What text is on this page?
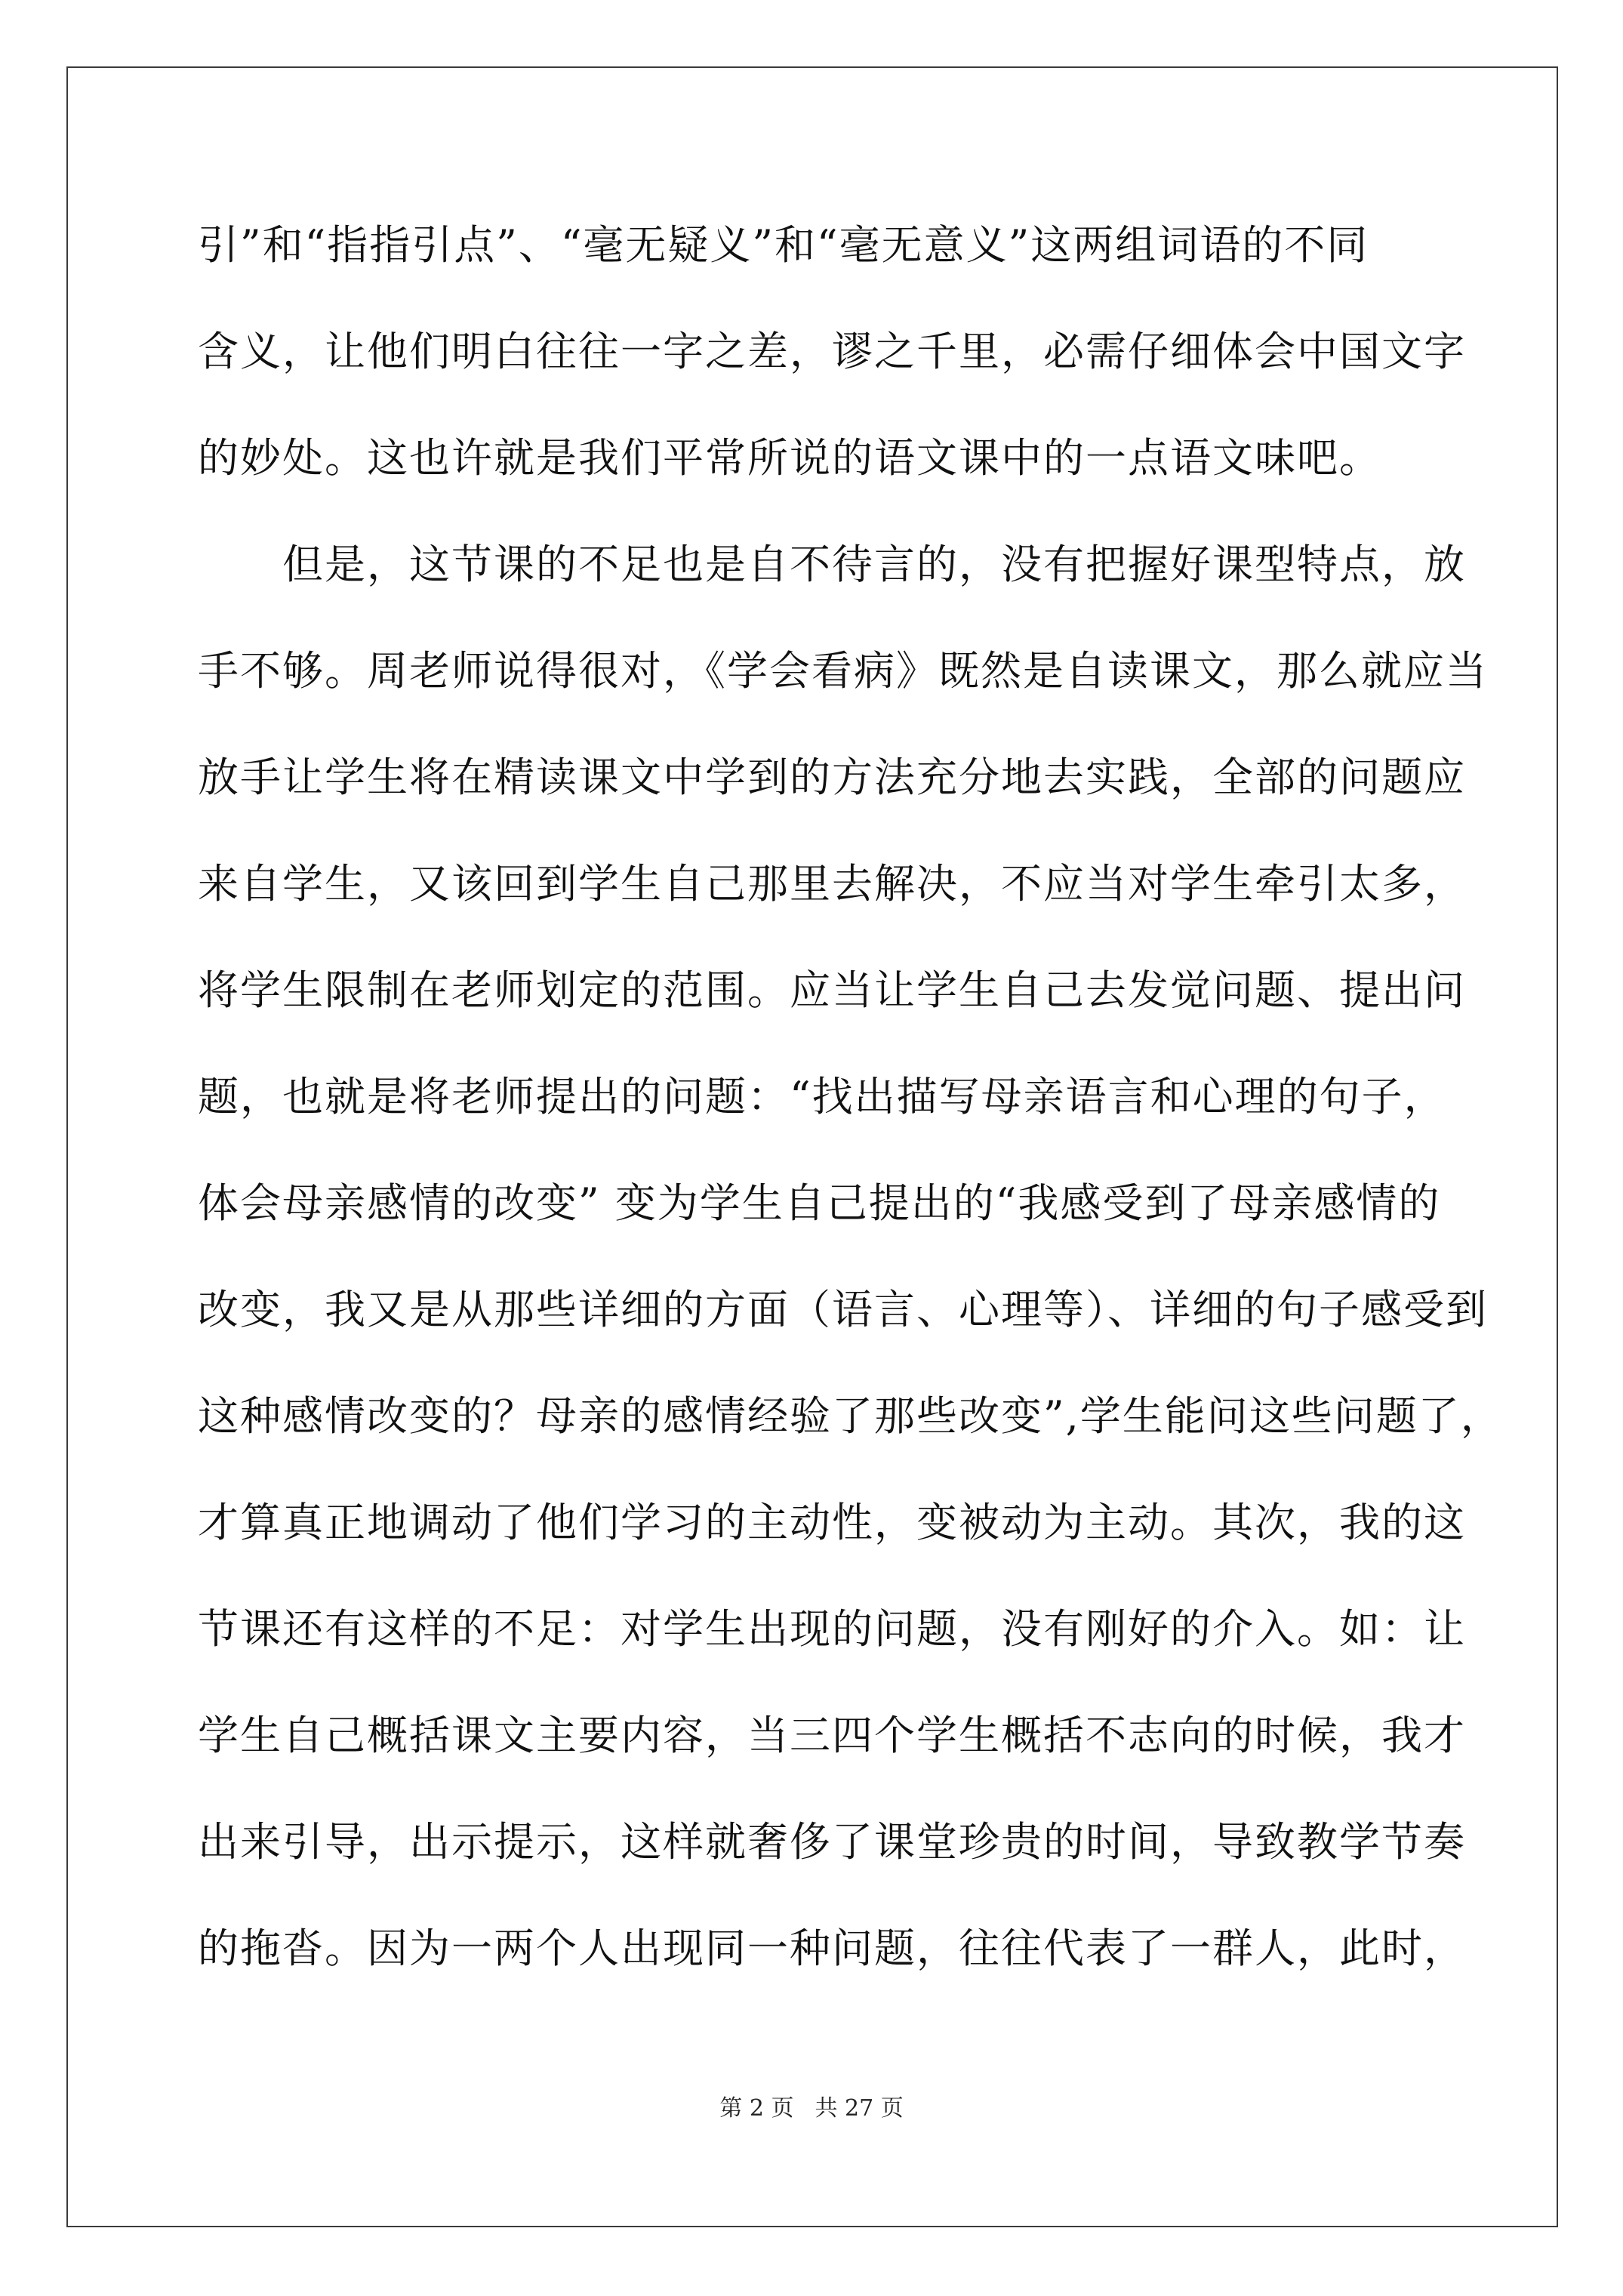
引”和“指指引点”、“毫无疑义”和“毫无意义”这两组词语的不同
含义，让他们明白往往一字之差，谬之千里，必需仔细体会中国文字
的妙处。这也许就是我们平常所说的语文课中的一点语文味吧。
但是，这节课的不足也是自不待言的，没有把握好课型特点，放
手不够。周老师说得很对，《学会看病》既然是自读课文，那么就应当
放手让学生将在精读课文中学到的方法充分地去实践，全部的问题应
来自学生，又该回到学生自己那里去解决，不应当对学生牵引太多，
将学生限制在老师划定的范围。应当让学生自己去发觉问题、提出问
题，也就是将老师提出的问题：“找出描写母亲语言和心理的句子，
体会母亲感情的改变” 变为学生自己提出的“我感受到了母亲感情的
改变，我又是从那些详细的方面（语言、心理等）、详细的句子感受到
这种感情改变的？母亲的感情经验了那些改变”,学生能问这些问题了，
才算真正地调动了他们学习的主动性，变被动为主动。其次，我的这
节课还有这样的不足：对学生出现的问题，没有刚好的介入。如：让
学生自己概括课文主要内容，当三四个学生概括不志向的时候，我才
出来引导，出示提示，这样就奢侈了课堂珍贵的时间，导致教学节奏
的拖沓。因为一两个人出现同一种问题，往往代表了一群人，此时，
第 2 页 共 27 页
